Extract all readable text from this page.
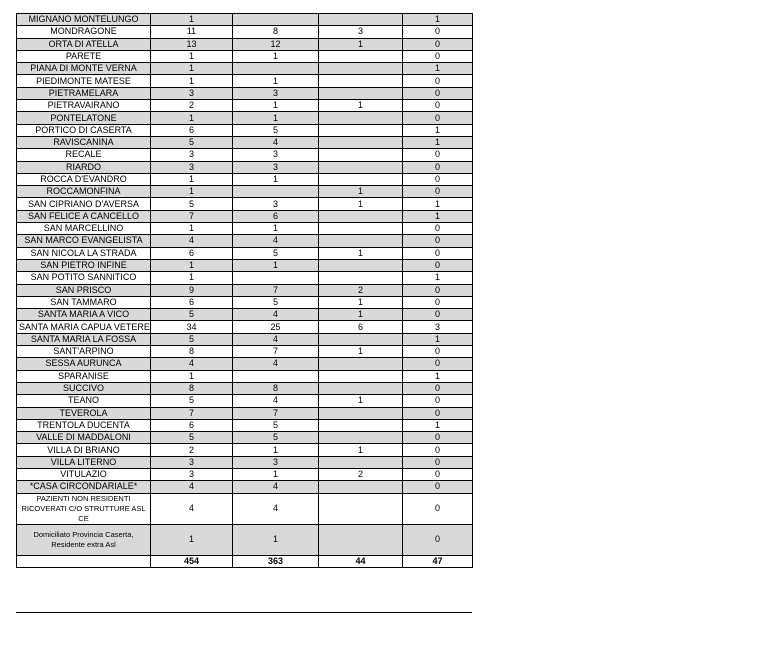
MIGNANO MONTELUNGO	1			1
MONDRAGONE	11	8	3	0
ORTA DI ATELLA	13	12	1	0
PARETE	1	1		0
PIANA DI MONTE VERNA	1			1
PIEDIMONTE MATESE	1	1		0
PIETRAMELARA	3	3		0
PIETRAVAIRANO	2	1	1	0
PONTELATONE	1	1		0
PORTICO DI CASERTA	6	5		1
RAVISCANINA	5	4		1
RECALE	3	3		0
RIARDO	3	3		0
ROCCA D'EVANDRO	1	1		0
ROCCAMONFINA	1		1	0
SAN CIPRIANO D'AVERSA	5	3	1	1
SAN FELICE A CANCELLO	7	6		1
SAN MARCELLINO	1	1		0
SAN MARCO EVANGELISTA	4	4		0
SAN NICOLA LA STRADA	6	5	1	0
SAN PIETRO INFINE	1	1		0
SAN POTITO SANNITICO	1			1
SAN PRISCO	9	7	2	0
SAN TAMMARO	6	5	1	0
SANTA MARIA A VICO	5	4	1	0
SANTA MARIA CAPUA VETERE	34	25	6	3
SANTA MARIA LA FOSSA	5	4		1
SANT'ARPINO	8	7	1	0
SESSA AURUNCA	4	4		0
SPARANISE	1			1
SUCCIVO	8	8		0
TEANO	5	4	1	0
TEVEROLA	7	7		0
TRENTOLA DUCENTA	6	5		1
VALLE DI MADDALONI	5	5		0
VILLA DI BRIANO	2	1	1	0
VILLA LITERNO	3	3		0
VITULAZIO	3	1	2	0
*CASA CIRCONDARIALE*	4	4		0
PAZIENTI NON RESIDENTI RICOVERATI C/O STRUTTURE ASL CE	4	4		0
Domiciliato Provincia Caserta, Residente extra Asl	1	1		0
	454	363	44	47
